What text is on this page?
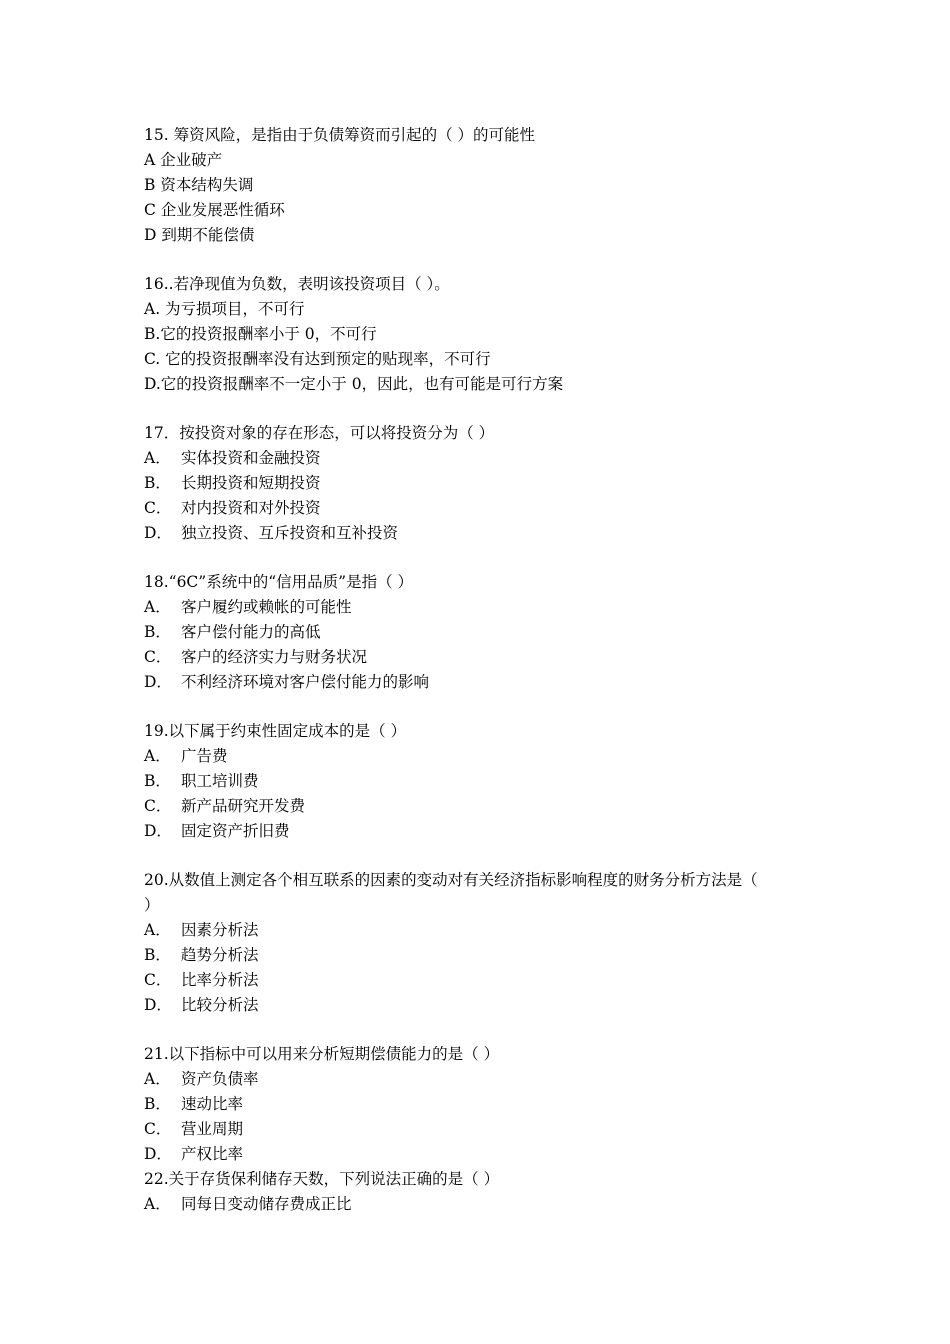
15. 筹资风险，是指由于负债筹资而引起的（ ）的可能性
A 企业破产
B 资本结构失调
C 企业发展恶性循环
D 到期不能偿债
16..若净现值为负数，表明该投资项目（ ）。
A. 为亏损项目，不可行
B.它的投资报酬率小于 0，不可行
C. 它的投资报酬率没有达到预定的贴现率，不可行
D.它的投资报酬率不一定小于 0，因此，也有可能是可行方案
17．按投资对象的存在形态，可以将投资分为（ ）
A． 实体投资和金融投资
B． 长期投资和短期投资
C． 对内投资和对外投资
D． 独立投资、互斥投资和互补投资
18.“6C”系统中的“信用品质”是指（ ）
A． 客户履约或赖帐的可能性
B． 客户偿付能力的高低
C． 客户的经济实力与财务状况
D． 不利经济环境对客户偿付能力的影响
19.以下属于约束性固定成本的是（ ）
A． 广告费
B． 职工培训费
C． 新产品研究开发费
D． 固定资产折旧费
20.从数值上测定各个相互联系的因素的变动对有关经济指标影响程度的财务分析方法是（
）
A． 因素分析法
B． 趋势分析法
C． 比率分析法
D． 比较分析法
21.以下指标中可以用来分析短期偿债能力的是（ ）
A． 资产负债率
B． 速动比率
C． 营业周期
D． 产权比率
22.关于存货保利储存天数，下列说法正确的是（ ）
A． 同每日变动储存费成正比
